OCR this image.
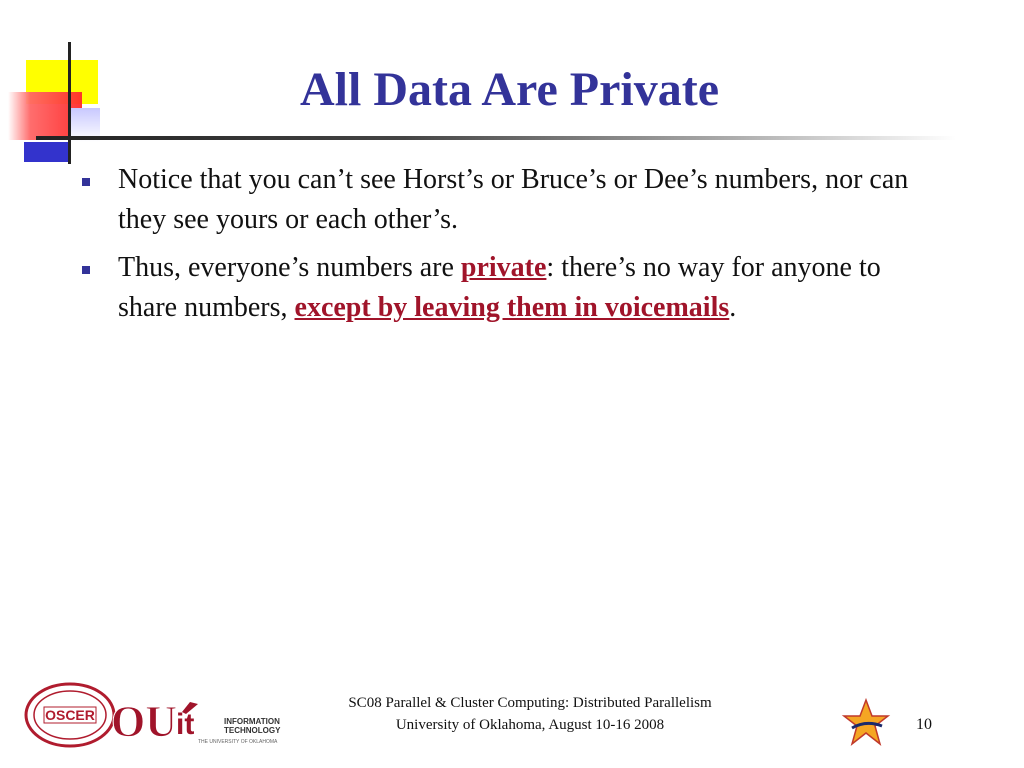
All Data Are Private
Notice that you can’t see Horst’s or Bruce’s or Dee’s numbers, nor can they see yours or each other’s.
Thus, everyone’s numbers are private: there’s no way for anyone to share numbers, except by leaving them in voicemails.
OSCER OU it	INFORMATION
TECHNOLOGY
THE UNIVERSITY OF OKLAHOMA
SC08 Parallel & Cluster Computing: Distributed Parallelism
University of Oklahoma, August 10-16 2008	10
